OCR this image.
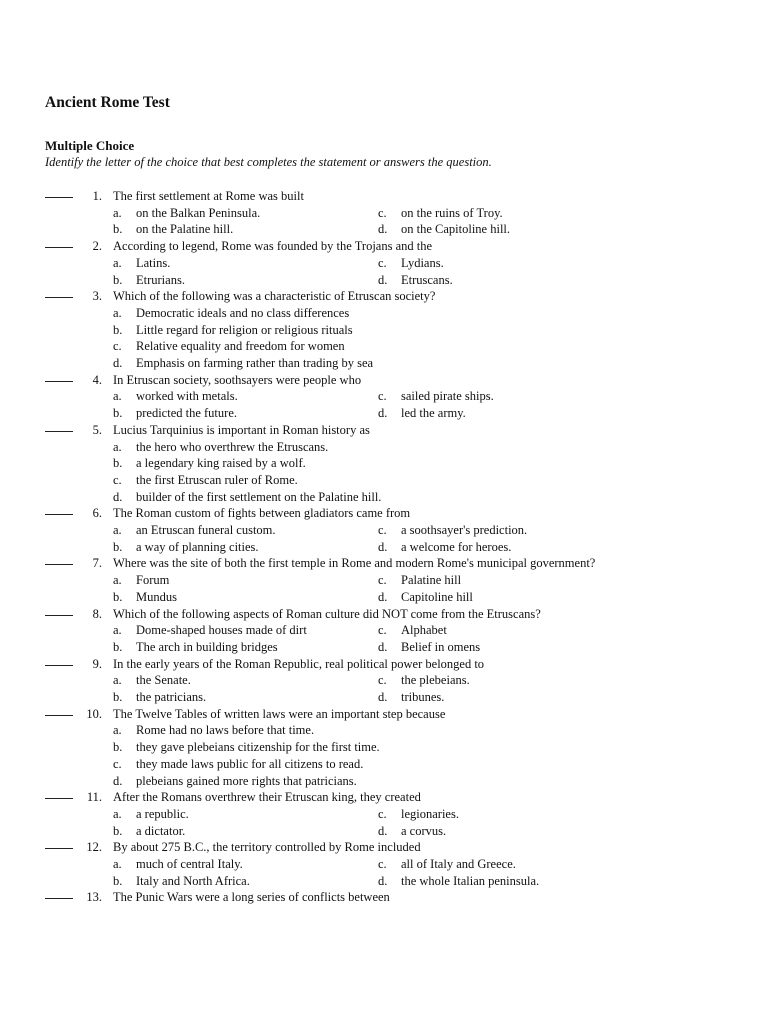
Ancient Rome Test
Multiple Choice
Identify the letter of the choice that best completes the statement or answers the question.
1. The first settlement at Rome was built
a.	on the Balkan Peninsula.	c.	on the ruins of Troy.
b.	on the Palatine hill.	d.	on the Capitoline hill.
2. According to legend, Rome was founded by the Trojans and the
a.	Latins.	c.	Lydians.
b.	Etrurians.	d.	Etruscans.
3. Which of the following was a characteristic of Etruscan society?
a.	Democratic ideals and no class differences
b.	Little regard for religion or religious rituals
c.	Relative equality and freedom for women
d.	Emphasis on farming rather than trading by sea
4. In Etruscan society, soothsayers were people who
a.	worked with metals.	c.	sailed pirate ships.
b.	predicted the future.	d.	led the army.
5. Lucius Tarquinius is important in Roman history as
a.	the hero who overthrew the Etruscans.
b.	a legendary king raised by a wolf.
c.	the first Etruscan ruler of Rome.
d.	builder of the first settlement on the Palatine hill.
6. The Roman custom of fights between gladiators came from
a.	an Etruscan funeral custom.	c.	a soothsayer's prediction.
b.	a way of planning cities.	d.	a welcome for heroes.
7. Where was the site of both the first temple in Rome and modern Rome's municipal government?
a.	Forum	c.	Palatine hill
b.	Mundus	d.	Capitoline hill
8. Which of the following aspects of Roman culture did NOT come from the Etruscans?
a.	Dome-shaped houses made of dirt	c.	Alphabet
b.	The arch in building bridges	d.	Belief in omens
9. In the early years of the Roman Republic, real political power belonged to
a.	the Senate.	c.	the plebeians.
b.	the patricians.	d.	tribunes.
10. The Twelve Tables of written laws were an important step because
a.	Rome had no laws before that time.
b.	they gave plebeians citizenship for the first time.
c.	they made laws public for all citizens to read.
d.	plebeians gained more rights that patricians.
11. After the Romans overthrew their Etruscan king, they created
a.	a republic.	c.	legionaries.
b.	a dictator.	d.	a corvus.
12. By about 275 B.C., the territory controlled by Rome included
a.	much of central Italy.	c.	all of Italy and Greece.
b.	Italy and North Africa.	d.	the whole Italian peninsula.
13. The Punic Wars were a long series of conflicts between
